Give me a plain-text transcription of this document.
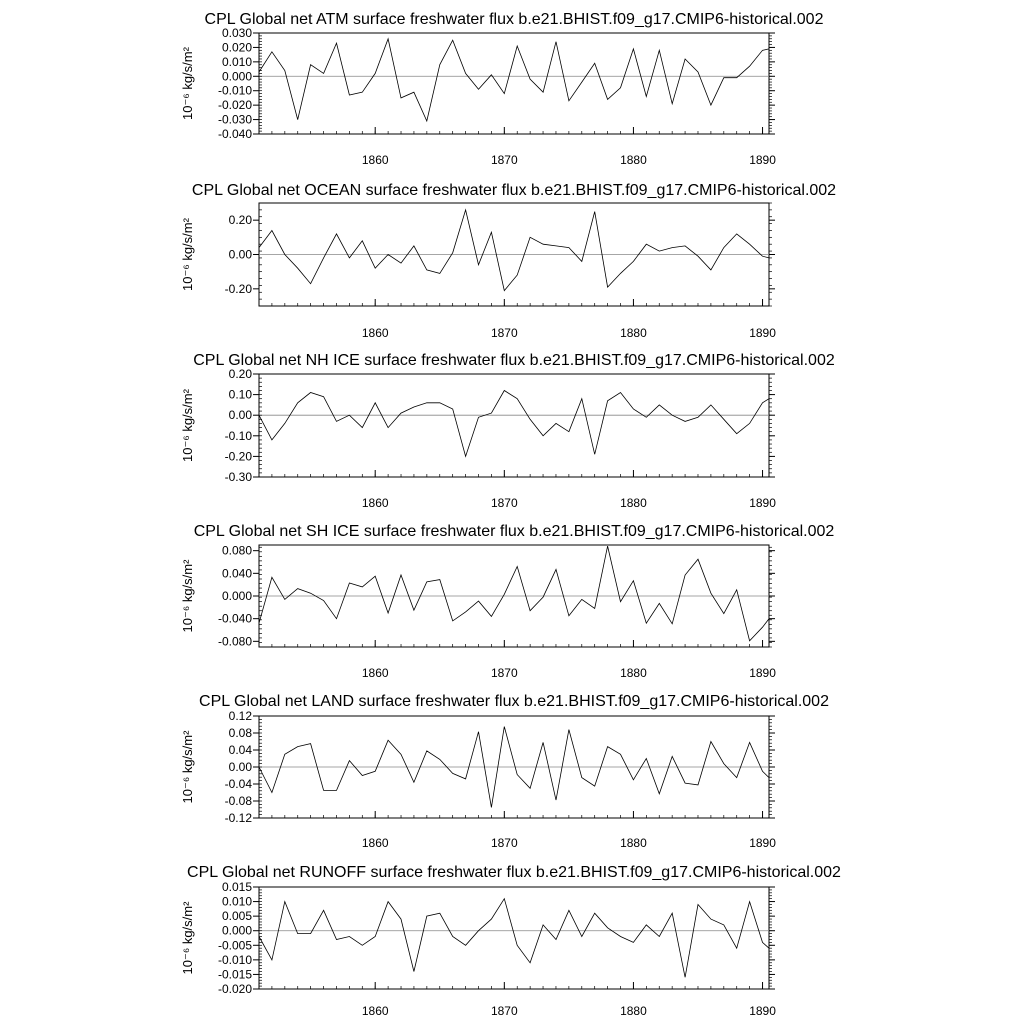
CPL Global net ATM surface freshwater flux b.e21.BHIST.f09_g17.CMIP6-historical.002
10⁻⁶ kg/s/m²
0.030
0.020
0.010
0.000
-0.010
-0.020
-0.030
-0.040
1860	1870	1880	1890
CPL Global net OCEAN surface freshwater flux b.e21.BHIST.f09_g17.CMIP6-historical.002
10⁻⁶ kg/s/m²	0.20
0.00
-0.20
1860	1870	1880	1890
CPL Global net NH ICE surface freshwater flux b.e21.BHIST.f09_g17.CMIP6-historical.002
10⁻⁶ kg/s/m²
0.20
0.10
0.00
-0.10
-0.20
-0.30
1860	1870	1880	1890
CPL Global net SH ICE surface freshwater flux b.e21.BHIST.f09_g17.CMIP6-historical.002
10⁻⁶ kg/s/m²
0.080
0.040
0.000
-0.040
-0.080
1860	1870	1880	1890
CPL Global net LAND surface freshwater flux b.e21.BHIST.f09_g17.CMIP6-historical.002
10⁻⁶ kg/s/m²
0.12
0.08
0.04
0.00
-0.04
-0.08
-0.12
1860	1870	1880	1890
CPL Global net RUNOFF surface freshwater flux b.e21.BHIST.f09_g17.CMIP6-historical.002
10⁻⁶ kg/s/m²
0.015
0.010
0.005
0.000
-0.005
-0.010
-0.015
-0.020
1860	1870	1880	1890
